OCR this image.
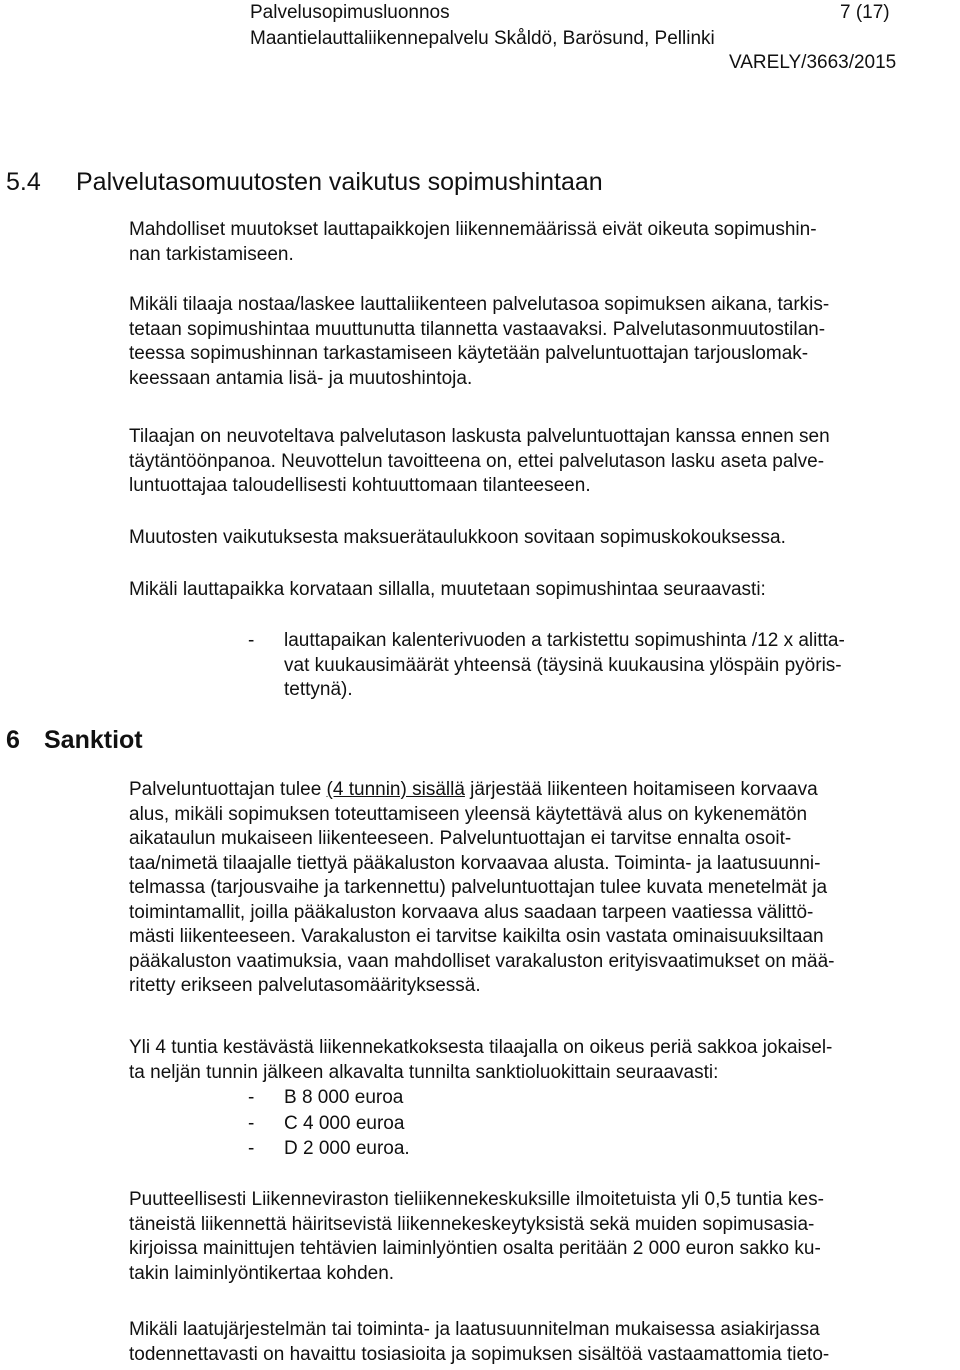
Palvelusopimusluonnos	7 (17)
Maantielauttaliikennepalvelu Skåldö, Barösund, Pellinki
VARELY/3663/2015
5.4 Palvelutasomuutosten vaikutus sopimushintaan
Mahdolliset muutokset lauttapaikkojen liikennemäärissä eivät oikeuta sopimushin-
nan tarkistamiseen.
Mikäli tilaaja nostaa/laskee lauttaliikenteen palvelutasoa sopimuksen aikana, tarkis-
tetaan sopimushintaa muuttunutta tilannetta vastaavaksi. Palvelutasonmuutostilan-
teessa sopimushinnan tarkastamiseen käytetään palveluntuottajan tarjouslomak-
keessaan antamia lisä- ja muutoshintoja.
Tilaajan on neuvoteltava palvelutason laskusta palveluntuottajan kanssa ennen sen
täytäntöönpanoa. Neuvottelun tavoitteena on, ettei palvelutason lasku aseta palve-
luntuottajaa taloudellisesti kohtuuttomaan tilanteeseen.
Muutosten vaikutuksesta maksuerätaulukkoon sovitaan sopimuskokouksessa.
Mikäli lauttapaikka korvataan sillalla, muutetaan sopimushintaa seuraavasti:
- lauttapaikan kalenterivuoden a tarkistettu sopimushinta /12 x alitta-
vat kuukausimäärät yhteensä (täysinä kuukausina ylöspäin pyöris-
tettynä).
6 Sanktiot
Palveluntuottajan tulee (4 tunnin) sisällä järjestää liikenteen hoitamiseen korvaava
alus, mikäli sopimuksen toteuttamiseen yleensä käytettävä alus on kykenemätön
aikataulun mukaiseen liikenteeseen. Palveluntuottajan ei tarvitse ennalta osoit-
taa/nimetä tilaajalle tiettyä pääkaluston korvaavaa alusta. Toiminta- ja laatusuunni-
telmassa (tarjousvaihe ja tarkennettu) palveluntuottajan tulee kuvata menetelmät ja
toimintamallit, joilla pääkaluston korvaava alus saadaan tarpeen vaatiessa välittö-
mästi liikenteeseen. Varakaluston ei tarvitse kaikilta osin vastata ominaisuuksiltaan
pääkaluston vaatimuksia, vaan mahdolliset varakaluston erityisvaatimukset on mää-
ritetty erikseen palvelutasomäärityksessä.
Yli 4 tuntia kestävästä liikennekatkoksesta tilaajalla on oikeus periä sakkoa jokaisel-
ta neljän tunnin jälkeen alkavalta tunnilta sanktioluokittain seuraavasti:
- B 8 000 euroa
- C 4 000 euroa
- D 2 000 euroa.
Puutteellisesti Liikenneviraston tieliikennekeskuksille ilmoitetuista yli 0,5 tuntia kes-
täneistä liikennettä häiritsevistä liikennekeskeytyksistä sekä muiden sopimusasia-
kirjoissa mainittujen tehtävien laiminlyöntien osalta peritään 2 000 euron sakko ku-
takin laiminlyöntikertaa kohden.
Mikäli laatujärjestelmän tai toiminta- ja laatusuunnitelman mukaisessa asiakirjassa
todennettavasti on havaittu tosiasioita ja sopimuksen sisältöä vastaamattomia tieto-
